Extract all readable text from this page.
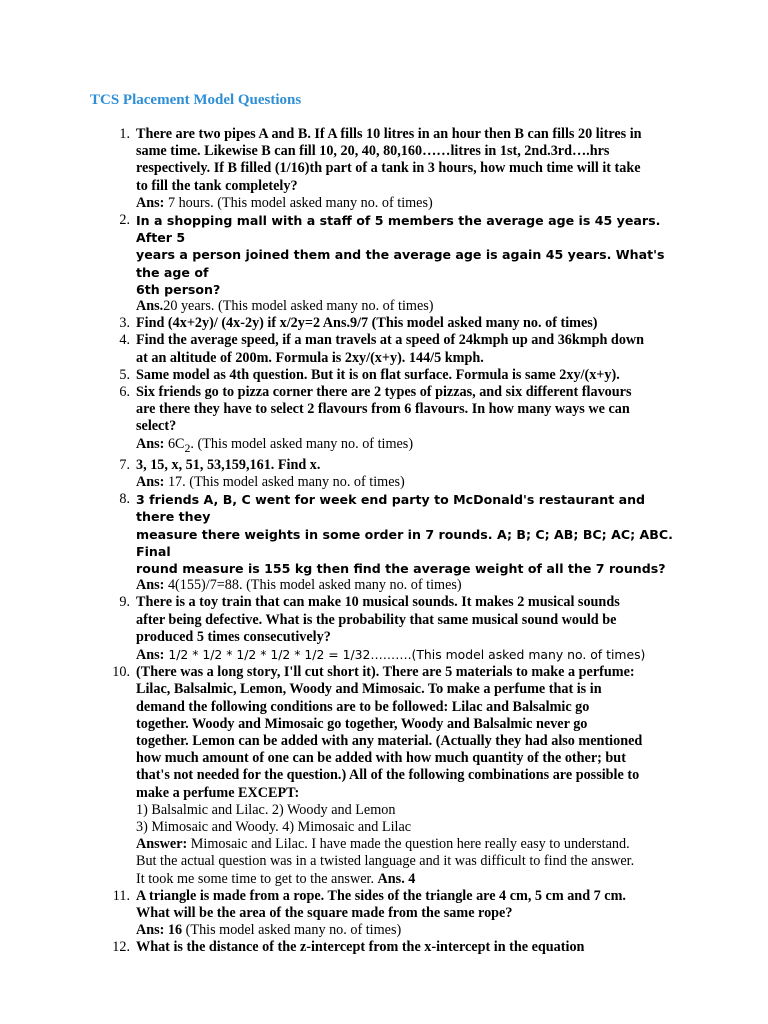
TCS Placement Model Questions
1. There are two pipes A and B. If A fills 10 litres in an hour then B can fills 20 litres in
same time. Likewise B can fill 10, 20, 40, 80,160……litres in 1st, 2nd.3rd….hrs
respectively. If B filled (1/16)th part of a tank in 3 hours, how much time will it take
to fill the tank completely?
Ans: 7 hours. (This model asked many no. of times)
2. In a shopping mall with a staff of 5 members the average age is 45 years. After 5
years a person joined them and the average age is again 45 years. What's the age of
6th person?
Ans.20 years. (This model asked many no. of times)
3. Find (4x+2y)/ (4x-2y) if x/2y=2 Ans.9/7 (This model asked many no. of times)
4. Find the average speed, if a man travels at a speed of 24kmph up and 36kmph down
at an altitude of 200m. Formula is 2xy/(x+y). 144/5 kmph.
5. Same model as 4th question. But it is on flat surface. Formula is same 2xy/(x+y).
6. Six friends go to pizza corner there are 2 types of pizzas, and six different flavours
are there they have to select 2 flavours from 6 flavours. In how many ways we can
select?
Ans: $6C_2$. (This model asked many no. of times)
7. 3, 15, x, 51, 53,159,161. Find x.
Ans: 17. (This model asked many no. of times)
8. 3 friends A, B, C went for week end party to McDonald's restaurant and there they
measure there weights in some order in 7 rounds. A; B; C; AB; BC; AC; ABC. Final
round measure is 155 kg then find the average weight of all the 7 rounds?
Ans: 4(155)/7=88. (This model asked many no. of times)
9. There is a toy train that can make 10 musical sounds. It makes 2 musical sounds
after being defective. What is the probability that same musical sound would be
produced 5 times consecutively?
Ans: 1/2 * 1/2 * 1/2 * 1/2 * 1/2 = 1/32……….(This model asked many no. of times)
10. (There was a long story, I'll cut short it). There are 5 materials to make a perfume:
Lilac, Balsalmic, Lemon, Woody and Mimosaic. To make a perfume that is in
demand the following conditions are to be followed: Lilac and Balsalmic go
together. Woody and Mimosaic go together, Woody and Balsalmic never go
together. Lemon can be added with any material. (Actually they had also mentioned
how much amount of one can be added with how much quantity of the other; but
that's not needed for the question.) All of the following combinations are possible to
make a perfume EXCEPT:
1) Balsalmic and Lilac. 2) Woody and Lemon
3) Mimosaic and Woody. 4) Mimosaic and Lilac
Answer: Mimosaic and Lilac. I have made the question here really easy to understand.
But the actual question was in a twisted language and it was difficult to find the answer.
It took me some time to get to the answer. Ans. 4
11. A triangle is made from a rope. The sides of the triangle are 4 cm, 5 cm and 7 cm.
What will be the area of the square made from the same rope?
Ans: 16 (This model asked many no. of times)
12. What is the distance of the z-intercept from the x-intercept in the equation
